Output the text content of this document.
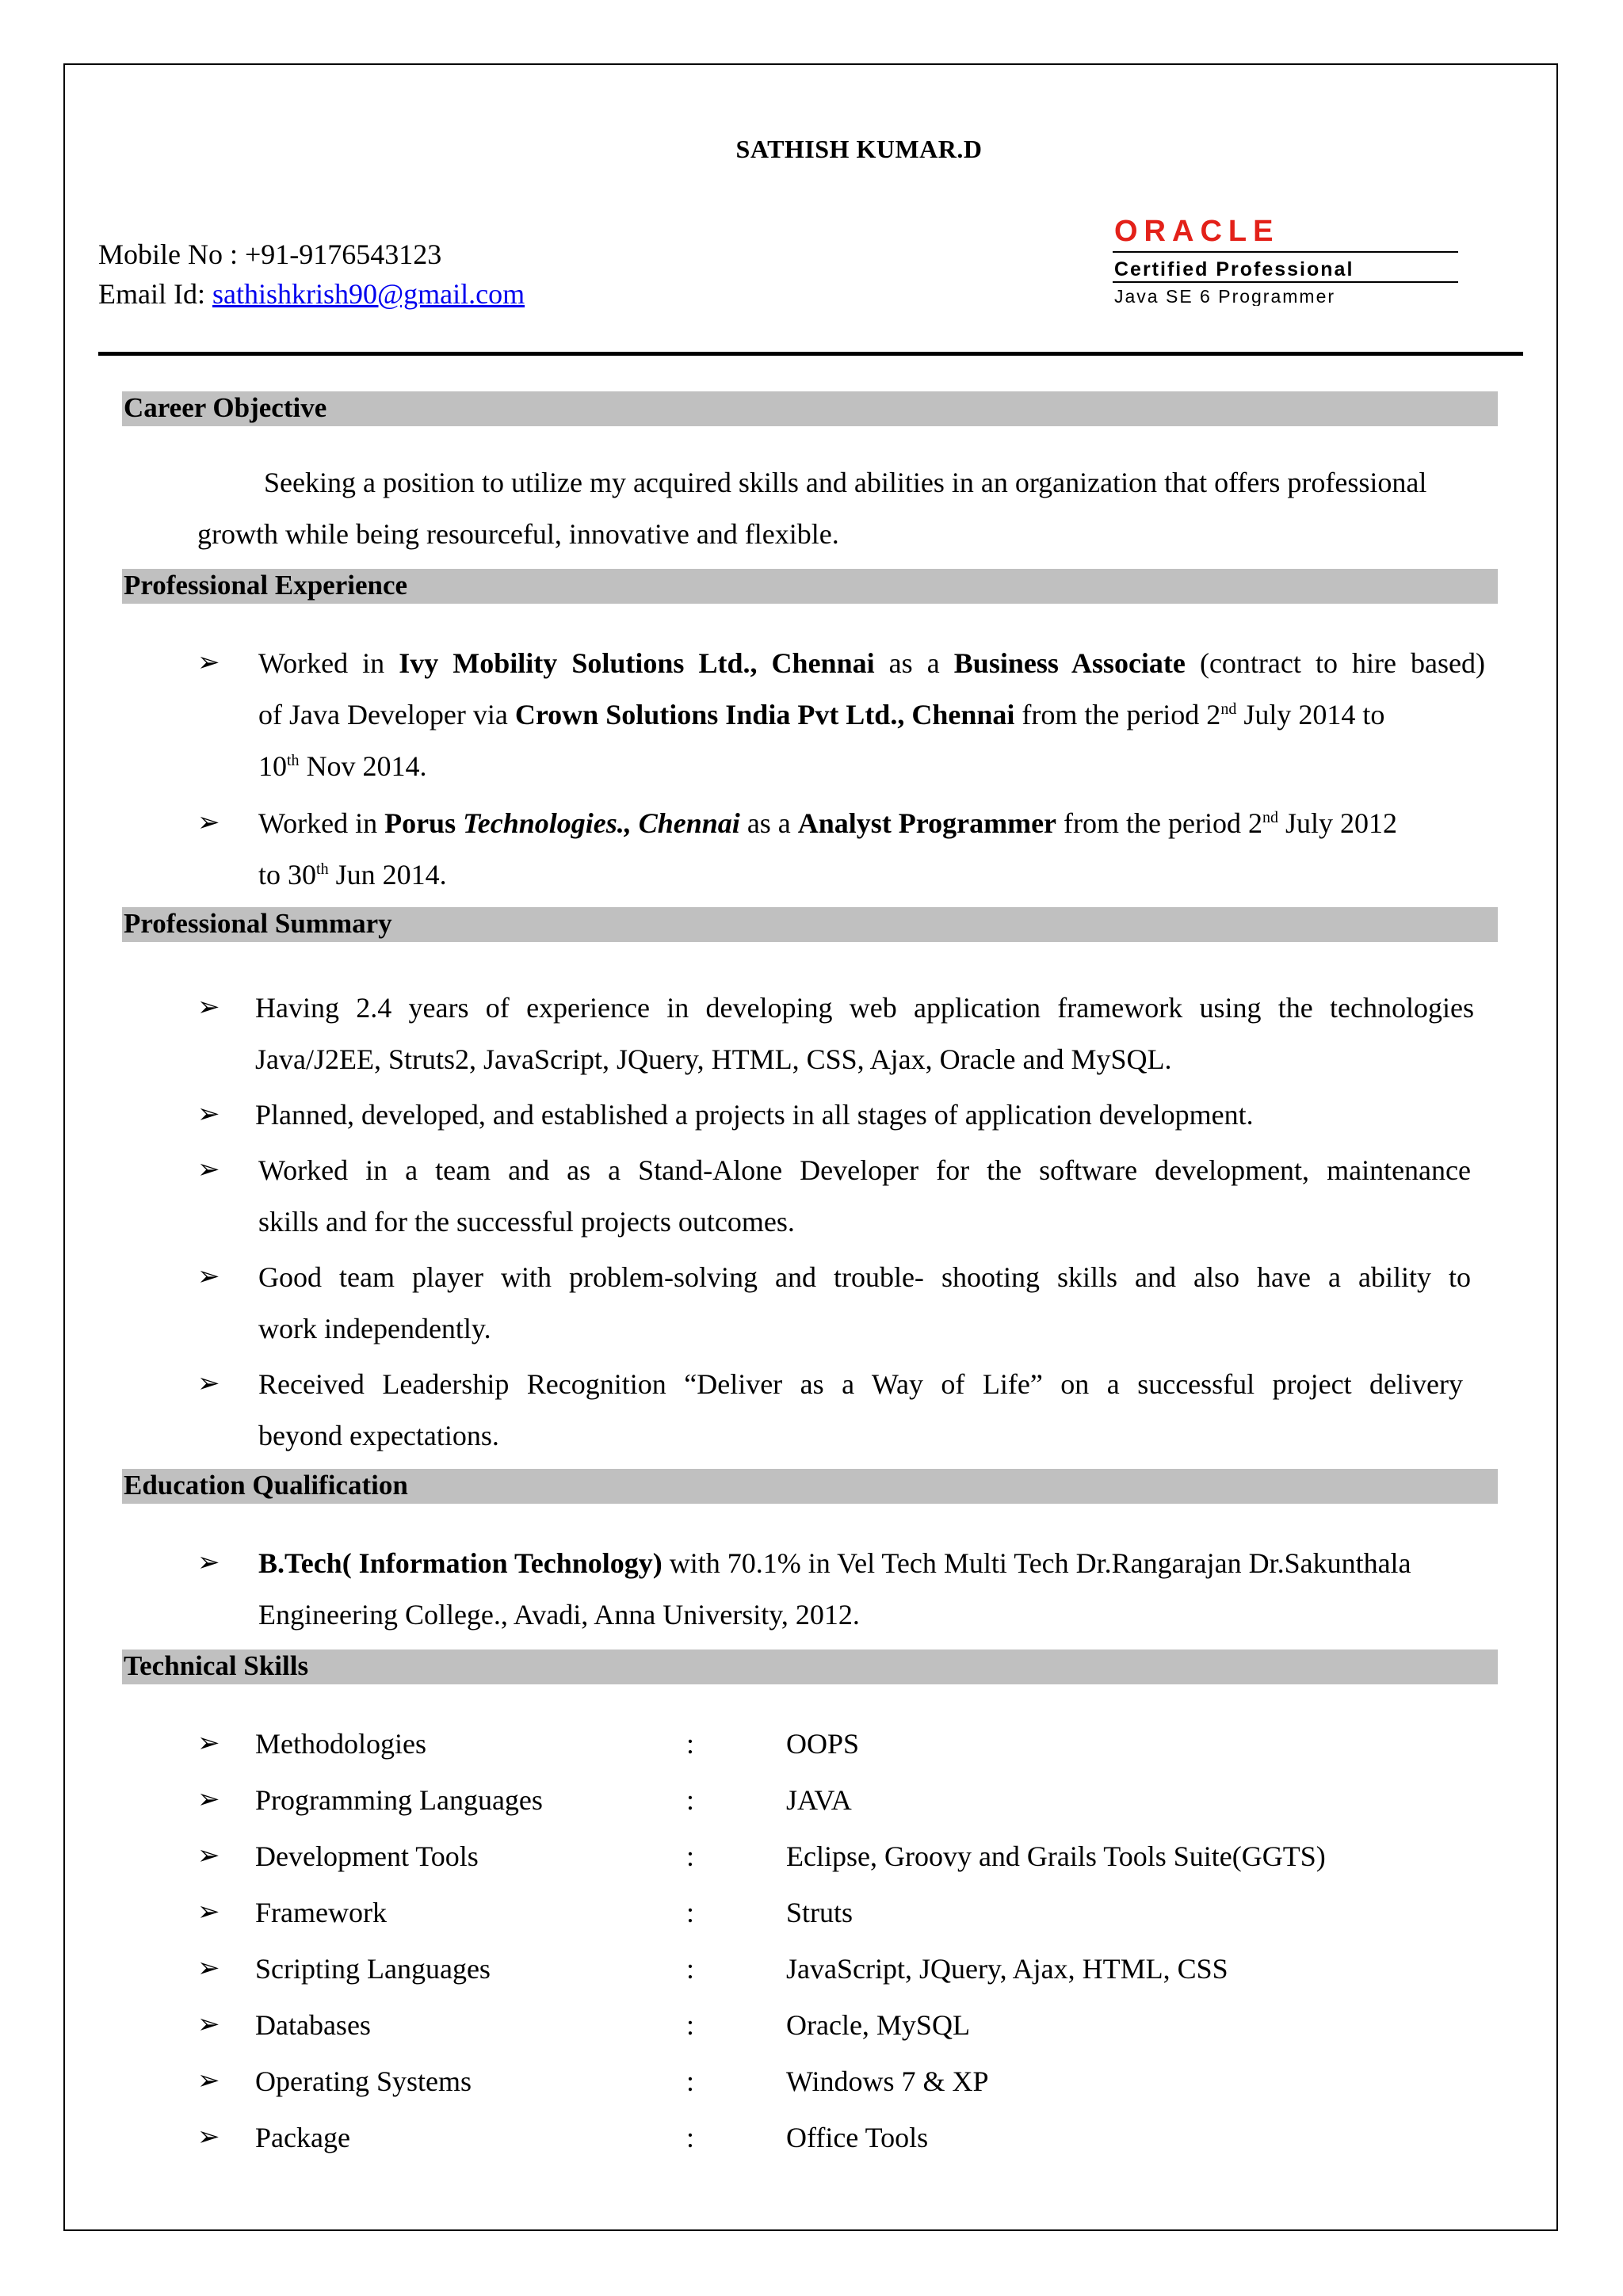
SATHISH KUMAR.D
Mobile No : +91-9176543123
Email Id: sathishkrish90@gmail.com
ORACLE
Certified Professional
Java SE 6 Programmer
Career Objective
Seeking a position to utilize my acquired skills and abilities in an organization that offers professional
growth while being resourceful, innovative and flexible.
Professional Experience
➢ Worked in Ivy Mobility Solutions Ltd., Chennai as a Business Associate (contract to hire based)
of Java Developer via Crown Solutions India Pvt Ltd., Chennai from the period 2nd July 2014 to
10th Nov 2014.
➢ Worked in Porus Technologies., Chennai as a Analyst Programmer from the period 2nd July 2012
to 30th Jun 2014.
Professional Summary
➢ Having 2.4 years of experience in developing web application framework using the technologies
Java/J2EE, Struts2, JavaScript, JQuery, HTML, CSS, Ajax, Oracle and MySQL.
➢ Planned, developed, and established a projects in all stages of application development.
➢ Worked in a team and as a Stand-Alone Developer for the software development, maintenance
skills and for the successful projects outcomes.
➢ Good team player with problem-solving and trouble- shooting skills and also have a ability to
work independently.
➢ Received Leadership Recognition “Deliver as a Way of Life” on a successful project delivery
beyond expectations.
Education Qualification
➢ B.Tech( Information Technology) with 70.1% in Vel Tech Multi Tech Dr.Rangarajan Dr.Sakunthala
Engineering College., Avadi, Anna University, 2012.
Technical Skills
➢ Methodologies	:	OOPS
➢ Programming Languages	:	JAVA
➢ Development Tools	:	Eclipse, Groovy and Grails Tools Suite(GGTS)
➢ Framework	:	Struts
➢ Scripting Languages	:	JavaScript, JQuery, Ajax, HTML, CSS
➢ Databases	:	Oracle, MySQL
➢ Operating Systems	:	Windows 7 & XP
➢ Package	:	Office Tools
